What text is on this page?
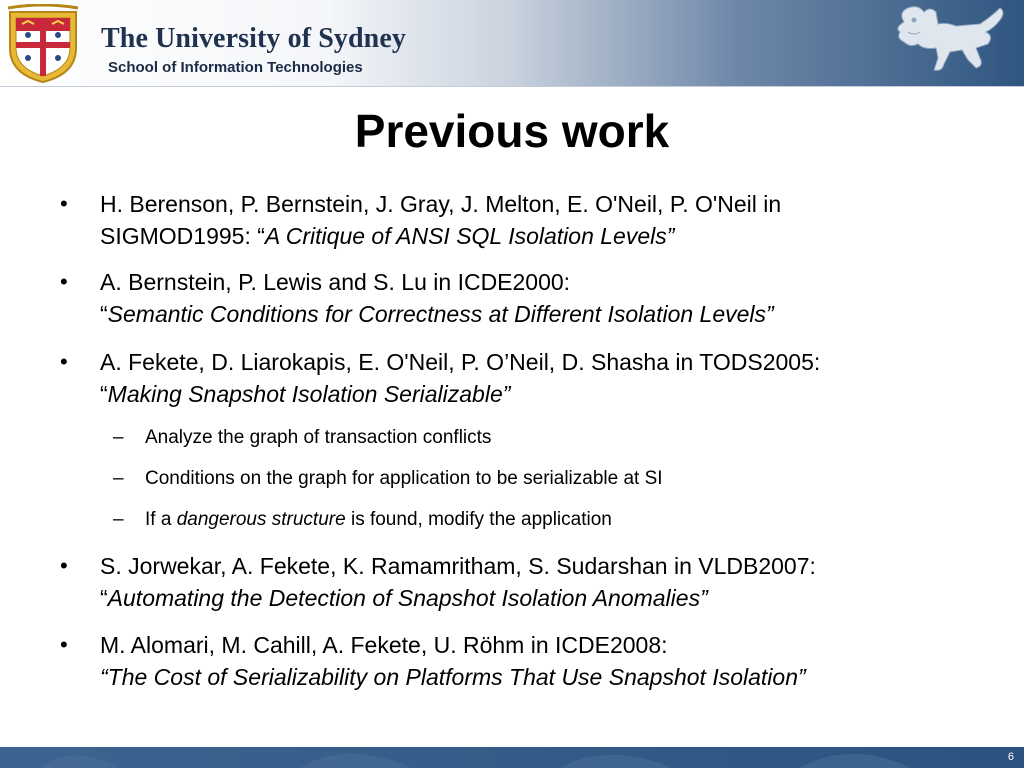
The University of Sydney
School of Information Technologies
Previous work
• H. Berenson, P. Bernstein, J. Gray, J. Melton, E. O'Neil, P. O'Neil in
SIGMOD1995: “A Critique of ANSI SQL Isolation Levels”
• A. Bernstein, P. Lewis and S. Lu in ICDE2000:
“Semantic Conditions for Correctness at Different Isolation Levels”
• A. Fekete, D. Liarokapis, E. O'Neil, P. O’Neil, D. Shasha in TODS2005:
“Making Snapshot Isolation Serializable”
– Analyze the graph of transaction conflicts
– Conditions on the graph for application to be serializable at SI
– If a dangerous structure is found, modify the application
• S. Jorwekar, A. Fekete, K. Ramamritham, S. Sudarshan in VLDB2007:
“Automating the Detection of Snapshot Isolation Anomalies”
• M. Alomari, M. Cahill, A. Fekete, U. Röhm in ICDE2008:
“The Cost of Serializability on Platforms That Use Snapshot Isolation”
6
